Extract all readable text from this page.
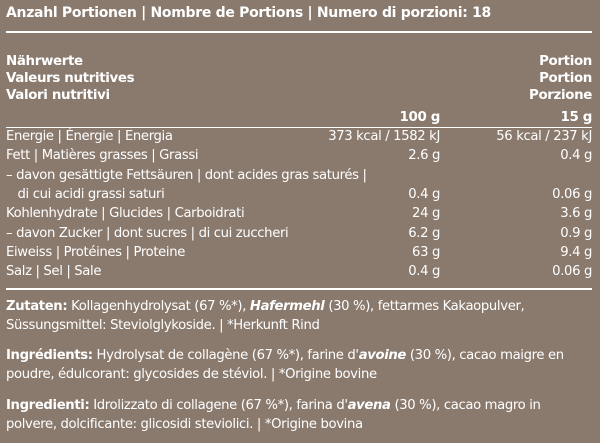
Anzahl Portionen | Nombre de Portions | Numero di porzioni: 18
Nährwerte	Portion
Valeurs nutritives	Portion
Valori nutritivi	Porzione
100 g	15 g
Energie | Énergie | Energia	373 kcal / 1582 kJ	56 kcal / 237 kJ
Fett | Matières grasses | Grassi	2.6 g	0.4 g
– davon gesättigte Fettsäuren | dont acides gras saturés |
di cui acidi grassi saturi	0.4 g	0.06 g
Kohlenhydrate | Glucides | Carboidrati	24 g	3.6 g
– davon Zucker | dont sucres | di cui zuccheri	6.2 g	0.9 g
Eiweiss | Protéines | Proteine	63 g	9.4 g
Salz | Sel | Sale	0.4 g	0.06 g
Zutaten: Kollagenhydrolysat (67 %*), Hafermehl (30 %), fettarmes Kakaopulver, Süssungsmittel: Steviolglykoside. | *Herkunft Rind
Ingrédients: Hydrolysat de collagène (67 %*), farine d'avoine (30 %), cacao maigre en poudre, édulcorant: glycosides de stéviol. | *Origine bovine
Ingredienti: Idrolizzato di collagene (67 %*), farina d'avena (30 %), cacao magro in polvere, dolcificante: glicosidi steviolici. | *Origine bovina
